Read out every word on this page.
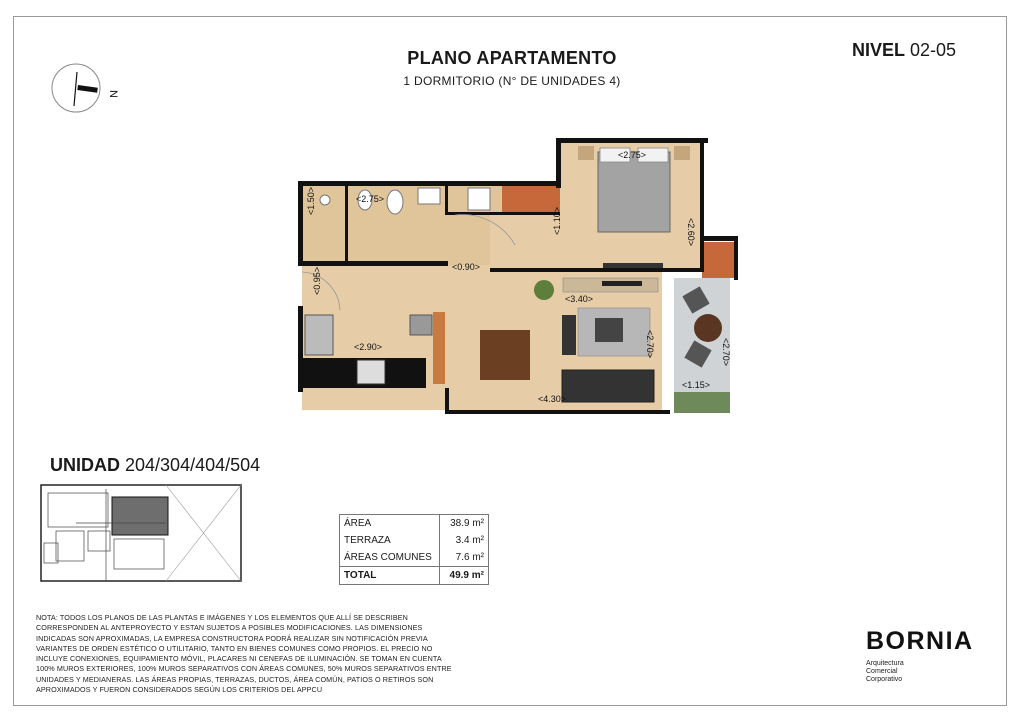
PLANO APARTAMENTO
1 DORMITORIO (N° DE UNIDADES 4)
NIVEL 02-05
N
<2.75>
<2.60>
<2.75>
<1.50>
<1.10>
<0.90>
<0.95>
<2.90>
<3.40>
<2.70>
<4.30>
<2.70>
<1.15>
UNIDAD 204/304/404/504
ÁREA	38.9 m²
TERRAZA	3.4 m²
ÁREAS COMUNES	7.6 m²
TOTAL	49.9 m²
NOTA: TODOS LOS PLANOS DE LAS PLANTAS E IMÁGENES Y LOS ELEMENTOS QUE ALLÍ SE DESCRIBEN CORRESPONDEN AL ANTEPROYECTO Y ESTAN SUJETOS A POSIBLES MODIFICACIONES. LAS DIMENSIONES INDICADAS SON APROXIMADAS, LA EMPRESA CONSTRUCTORA PODRÁ REALIZAR SIN NOTIFICACIÓN PREVIA VARIANTES DE ORDEN ESTÉTICO O UTILITARIO, TANTO EN BIENES COMUNES COMO PROPIOS. EL PRECIO NO INCLUYE CONEXIONES, EQUIPAMIENTO MÓVIL, PLACARES NI CENEFAS DE ILUMINACIÓN. SE TOMAN EN CUENTA 100% MUROS EXTERIORES, 100% MUROS SEPARATIVOS CON ÁREAS COMUNES, 50% MUROS SEPARATIVOS ENTRE UNIDADES Y MEDIANERAS. LAS ÁREAS PROPIAS, TERRAZAS, DUCTOS, ÁREA COMÚN, PATIOS O RETIROS SON APROXIMADOS Y FUERON CONSIDERADOS SEGÚN LOS CRITERIOS DEL APPCU
BORNIA
Arquitectura
Comercial
Corporativo
